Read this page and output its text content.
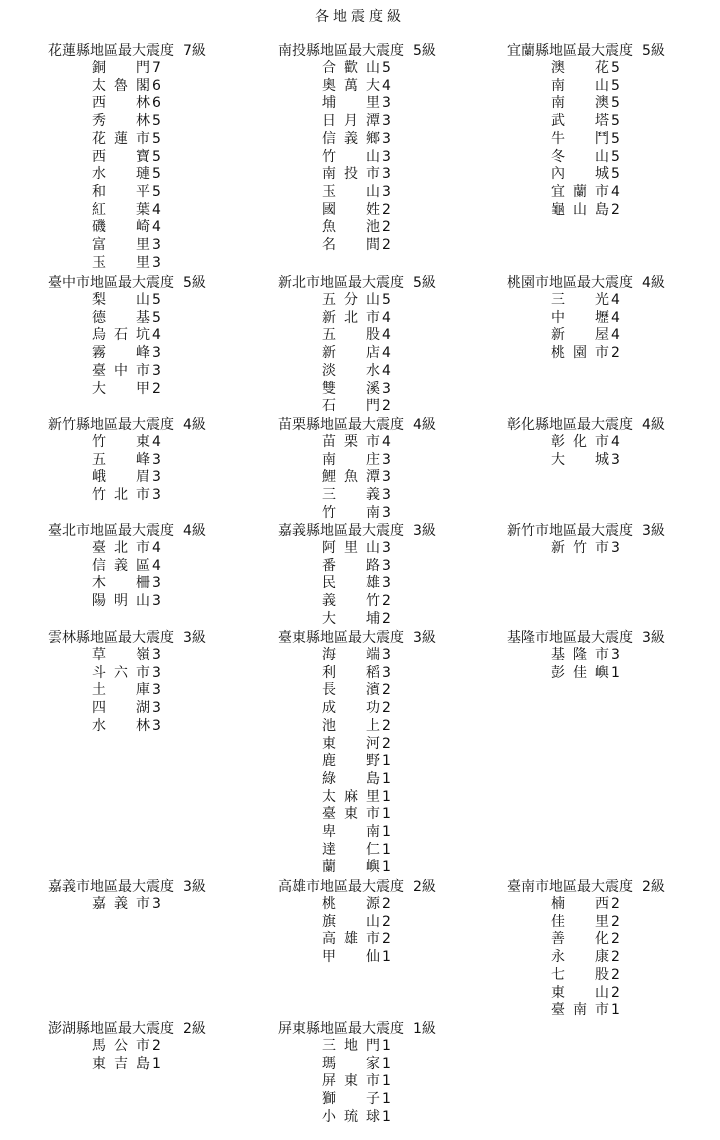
各地震度級
花蓮縣地區最大震度 7級
銅　門 7
太魯閣 6
西　林 6
秀　林 5
花蓮市 5
西　寶 5
水　璉 5
和　平 5
紅　葉 4
磯　崎 4
富　里 3
玉　里 3
南投縣地區最大震度 5級
合歡山 5
奧萬大 4
埔　里 3
日月潭 3
信義鄉 3
竹　山 3
南投市 3
玉　山 3
國　姓 2
魚　池 2
名　間 2
宜蘭縣地區最大震度 5級
澳　花 5
南　山 5
南　澳 5
武　塔 5
牛　鬥 5
冬　山 5
內　城 5
宜蘭市 4
龜山島 2
臺中市地區最大震度 5級
梨　山 5
德　基 5
烏石坑 4
霧　峰 3
臺中市 3
大　甲 2
新北市地區最大震度 5級
五分山 5
新北市 4
五　股 4
新　店 4
淡　水 4
雙　溪 3
石　門 2
桃園市地區最大震度 4級
三　光 4
中　壢 4
新　屋 4
桃園市 2
新竹縣地區最大震度 4級
竹　東 4
五　峰 3
峨　眉 3
竹北市 3
苗栗縣地區最大震度 4級
苗栗市 4
南　庄 3
鯉魚潭 3
三　義 3
竹　南 3
彰化縣地區最大震度 4級
彰化市 4
大　城 3
臺北市地區最大震度 4級
臺北市 4
信義區 4
木　柵 3
陽明山 3
嘉義縣地區最大震度 3級
阿里山 3
番　路 3
民　雄 3
義　竹 2
大　埔 2
新竹市地區最大震度 3級
新竹市 3
雲林縣地區最大震度 3級
草　嶺 3
斗六市 3
土　庫 3
四　湖 3
水　林 3
臺東縣地區最大震度 3級
海　端 3
利　稻 3
長　濱 2
成　功 2
池　上 2
東　河 2
鹿　野 1
綠　島 1
太麻里 1
臺東市 1
卑　南 1
達　仁 1
蘭　嶼 1
基隆市地區最大震度 3級
基隆市 3
彭佳嶼 1
嘉義市地區最大震度 3級
嘉義市 3
高雄市地區最大震度 2級
桃　源 2
旗　山 2
高雄市 2
甲　仙 1
臺南市地區最大震度 2級
楠　西 2
佳　里 2
善　化 2
永　康 2
七　股 2
東　山 2
臺南市 1
澎湖縣地區最大震度 2級
馬公市 2
東吉島 1
屏東縣地區最大震度 1級
三地門 1
瑪　家 1
屏東市 1
獅　子 1
小琉球 1
